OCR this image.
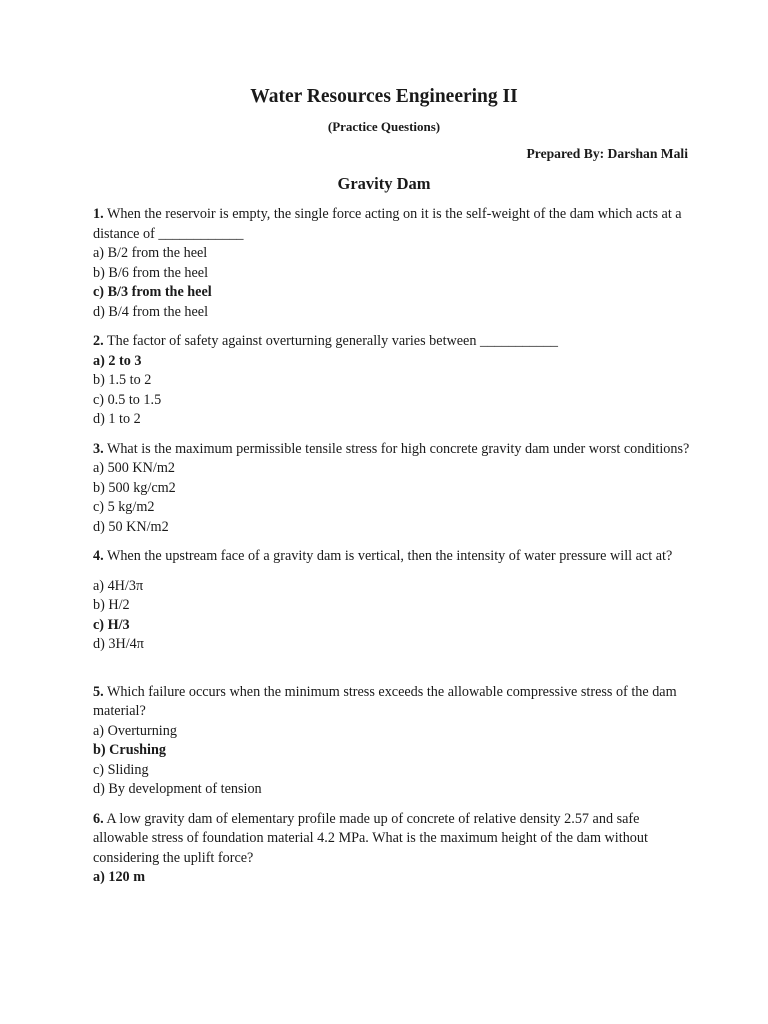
Water Resources Engineering II
(Practice Questions)
Prepared By: Darshan Mali
Gravity Dam
1. When the reservoir is empty, the single force acting on it is the self-weight of the dam which acts at a distance of ____________
a) B/2 from the heel
b) B/6 from the heel
c) B/3 from the heel
d) B/4 from the heel
2. The factor of safety against overturning generally varies between ___________
a) 2 to 3
b) 1.5 to 2
c) 0.5 to 1.5
d) 1 to 2
3. What is the maximum permissible tensile stress for high concrete gravity dam under worst conditions?
a) 500 KN/m2
b) 500 kg/cm2
c) 5 kg/m2
d) 50 KN/m2
4. When the upstream face of a gravity dam is vertical, then the intensity of water pressure will act at?
a) 4H/3π
b) H/2
c) H/3
d) 3H/4π
5. Which failure occurs when the minimum stress exceeds the allowable compressive stress of the dam material?
a) Overturning
b) Crushing
c) Sliding
d) By development of tension
6. A low gravity dam of elementary profile made up of concrete of relative density 2.57 and safe allowable stress of foundation material 4.2 MPa. What is the maximum height of the dam without considering the uplift force?
a) 120 m
